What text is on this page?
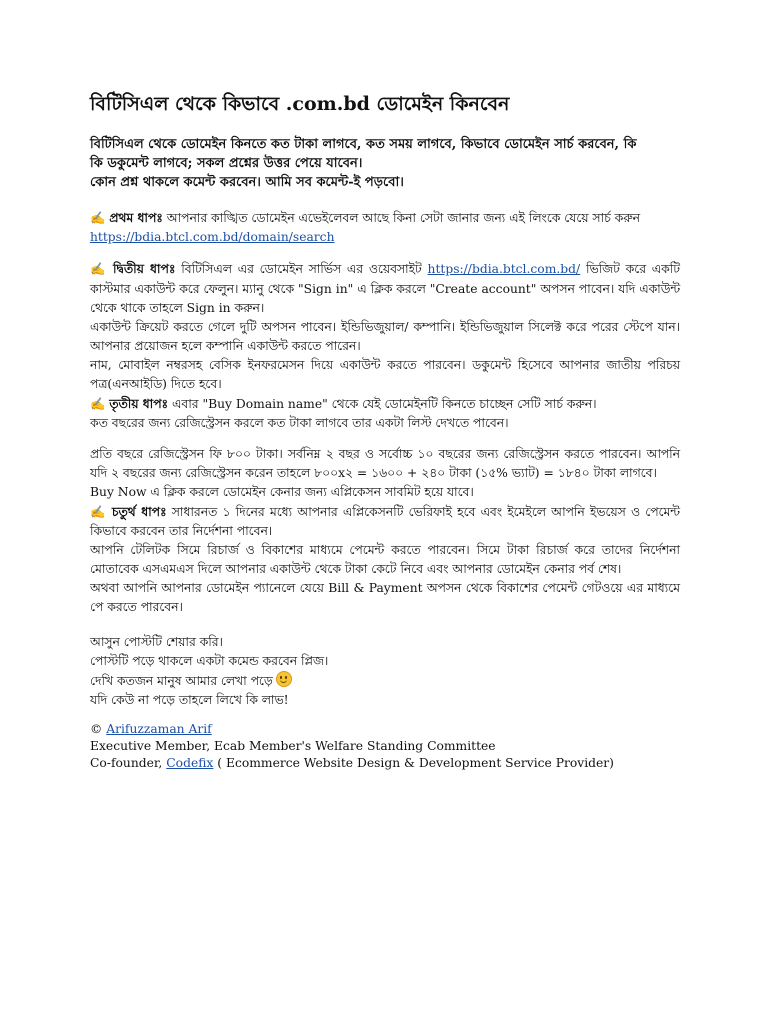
বিটিসিএল থেকে কিভাবে .com.bd ডোমেইন কিনবেন
বিটিসিএল থেকে ডোমেইন কিনতে কত টাকা লাগবে, কত সময় লাগবে, কিভাবে ডোমেইন সার্চ করবেন, কি
কি ডকুমেন্ট লাগবে; সকল প্রশ্নের উত্তর পেয়ে যাবেন।
কোন প্রশ্ন থাকলে কমেন্ট করবেন। আমি সব কমেন্ট-ই পড়বো।

✍ প্রথম ধাপঃ আপনার কাঙ্খিত ডোমেইন এভেইলেবল আছে কিনা সেটা জানার জন্য এই লিংকে যেয়ে সার্চ করুন
https://bdia.btcl.com.bd/domain/search

✍ দ্বিতীয় ধাপঃ বিটিসিএল এর ডোমেইন সার্ভিস এর ওয়েবসাইট https://bdia.btcl.com.bd/ ভিজিট করে একটি কাস্টমার একাউন্ট করে ফেলুন। ম্যানু থেকে "Sign in" এ ক্লিক করলে "Create account" অপসন পাবেন। যদি একাউন্ট থেকে থাকে তাহলে Sign in করুন।

একাউন্ট ক্রিয়েট করতে গেলে দুটি অপসন পাবেন। ইন্ডিভিজুয়াল/ কম্পানি। ইন্ডিভিজুয়াল সিলেক্ট করে পরের স্টেপে যান। আপনার প্রয়োজন হলে কম্পানি একাউন্ট করতে পারেন।

নাম, মোবাইল নম্বরসহ বেসিক ইনফরমেসন দিয়ে একাউন্ট করতে পারবেন। ডকুমেন্ট হিসেবে আপনার জাতীয় পরিচয় পত্র(এনআইডি) দিতে হবে।

✍ তৃতীয় ধাপঃ এবার "Buy Domain name" থেকে যেই ডোমেইনটি কিনতে চাচ্ছেন সেটি সার্চ করুন।

কত বছরের জন্য রেজিস্ট্রেসন করলে কত টাকা লাগবে তার একটা লিস্ট দেখতে পাবেন।

প্রতি বছরে রেজিস্ট্রেসন ফি ৮০০ টাকা। সর্বনিম্ন ২ বছর ও সর্বোচ্চ ১০ বছরের জন্য রেজিস্ট্রেসন করতে পারবেন। আপনি যদি ২ বছরের জন্য রেজিস্ট্রেসন করেন তাহলে ৮০০x২ = ১৬০০ + ২৪০ টাকা (১৫% ভ্যাট) = ১৮৪০ টাকা লাগবে।

Buy Now এ ক্লিক করলে ডোমেইন কেনার জন্য এপ্লিকেসন সাবমিট হয়ে যাবে।

✍ চতুর্থ ধাপঃ সাধারনত ১ দিনের মধ্যে আপনার এপ্লিকেসনটি ভেরিফাই হবে এবং ইমেইলে আপনি ইভয়েস ও পেমেন্ট কিভাবে করবেন তার নির্দেশনা পাবেন।

আপনি টেলিটক সিমে রিচার্জ ও বিকাশের মাধ্যমে পেমেন্ট করতে পারবেন। সিমে টাকা রিচার্জ করে তাদের নির্দেশনা মোতাবেক এসএমএস দিলে আপনার একাউন্ট থেকে টাকা কেটে নিবে এবং আপনার ডোমেইন কেনার পর্ব শেষ।

অথবা আপনি আপনার ডোমেইন প্যানেলে যেয়ে Bill & Payment অপসন থেকে বিকাশের পেমেন্ট গেটওয়ে এর মাধ্যমে পে করতে পারবেন।

আসুন পোস্টটি শেয়ার করি।

পোস্টটি পড়ে থাকলে একটা কমেন্ড করবেন প্লিজ।

দেখি কতজন মানুষ আমার লেখা পড়ে

যদি কেউ না পড়ে তাহলে লিখে কি লাভ!

© Arifuzzaman Arif

Executive Member, Ecab Member's Welfare Standing Committee

Co-founder, Codefix ( Ecommerce Website Design & Development Service Provider)
